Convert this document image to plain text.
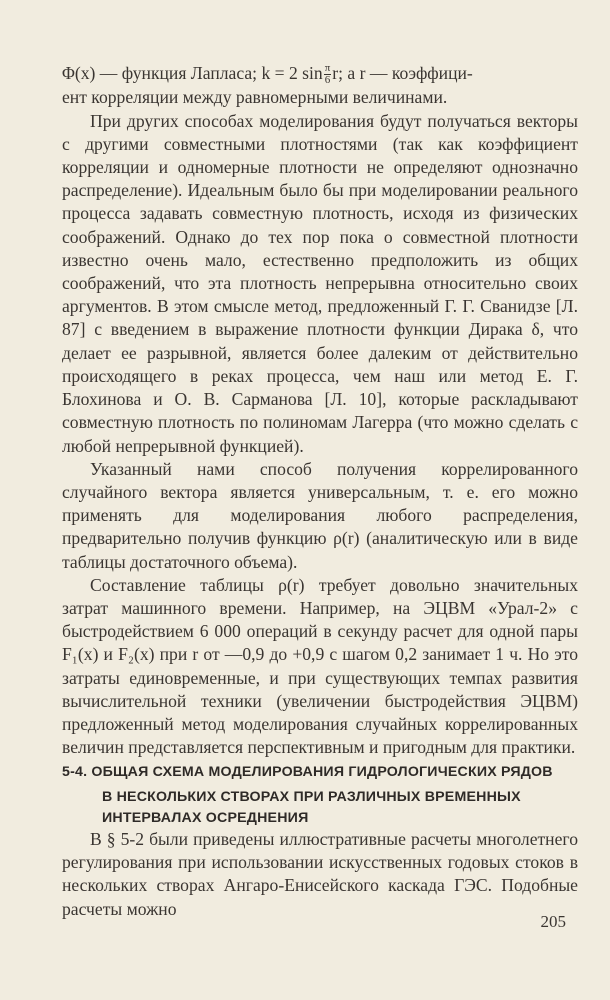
Φ(x) — функция Лапласа; k = 2 $\sin \frac{\pi}{6} r$; а r — коэффици-

ент корреляции между равномерными величинами.

При других способах моделирования будут получаться векторы с другими совместными плотностями (так как коэффициент корреляции и одномерные плотности не определяют однозначно распределение). Идеальным было бы при моделировании реального процесса задавать совместную плотность, исходя из физических соображений. Однако до тех пор пока о совместной плотности известно очень мало, естественно предположить из общих соображений, что эта плотность непрерывна относительно своих аргументов. В этом смысле метод, предложенный Г. Г. Сванидзе [Л. 87] с введением в выражение плотности функции Дирака δ, что делает ее разрывной, является более далеким от действительно происходящего в реках процесса, чем наш или метод Е. Г. Блохинова и О. В. Сарманова [Л. 10], которые раскладывают совместную плотность по полиномам Лагерра (что можно сделать с любой непрерывной функцией).

Указанный нами способ получения коррелированного случайного вектора является универсальным, т. е. его можно применять для моделирования любого распределения, предварительно получив функцию ρ(r) (аналитическую или в виде таблицы достаточного объема).

Составление таблицы ρ(r) требует довольно значительных затрат машинного времени. Например, на ЭЦВМ «Урал-2» с быстродействием 6 000 операций в секунду расчет для одной пары F₁(x) и F₂(x) при r от —0,9 до +0,9 с шагом 0,2 занимает 1 ч. Но это затраты единовременные, и при существующих темпах развития вычислительной техники (увеличении быстродействия ЭЦВМ) предложенный метод моделирования случайных коррелированных величин представляется перспективным и пригодным для практики.

5-4. ОБЩАЯ СХЕМА МОДЕЛИРОВАНИЯ ГИДРОЛОГИЧЕСКИХ РЯДОВ
В НЕСКОЛЬКИХ СТВОРАХ ПРИ РАЗЛИЧНЫХ ВРЕМЕННЫХ
ИНТЕРВАЛАХ ОСРЕДНЕНИЯ

В § 5-2 были приведены иллюстративные расчеты многолетнего регулирования при использовании искусственных годовых стоков в нескольких створах Ангаро-Енисейского каскада ГЭС. Подобные расчеты можно

205
